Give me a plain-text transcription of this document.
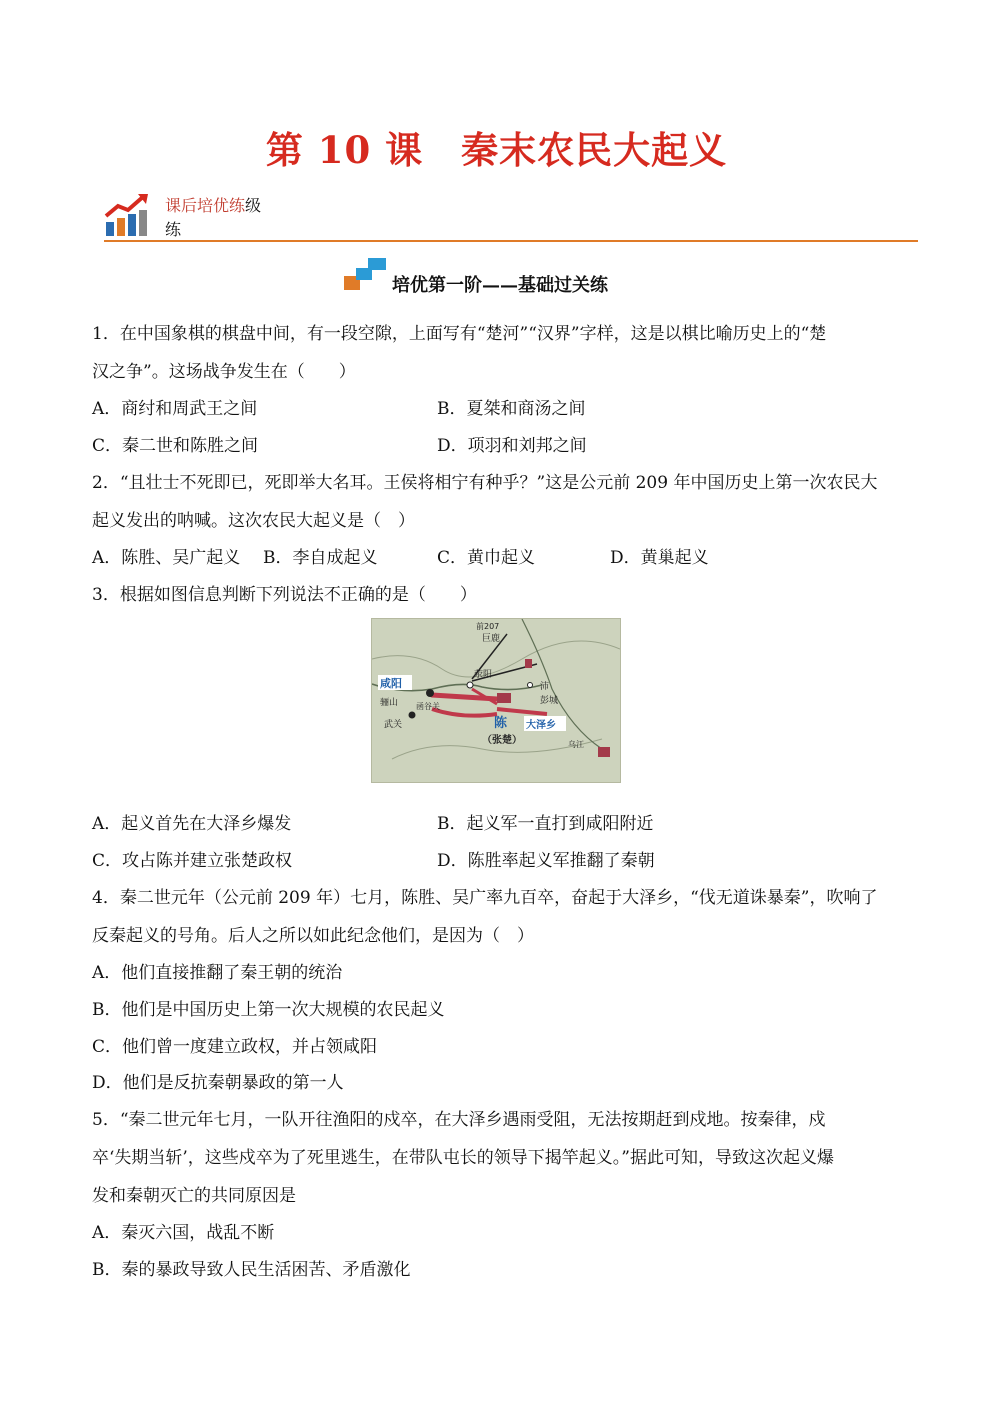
第 10 课　秦末农民大起义
课后培优练级
练
培优第一阶——基础过关练
1．在中国象棋的棋盘中间，有一段空隙，上面写有“楚河”“汉界”字样，这是以棋比喻历史上的“楚
汉之争”。这场战争发生在（　　）
A．商纣和周武王之间	B．夏桀和商汤之间
C．秦二世和陈胜之间	D．项羽和刘邦之间
2．“且壮士不死即已，死即举大名耳。王侯将相宁有种乎？”这是公元前 209 年中国历史上第一次农民大
起义发出的呐喊。这次农民大起义是（　）
A．陈胜、吴广起义 B．李自成起义	C．黄巾起义	D．黄巢起义
3．根据如图信息判断下列说法不正确的是（　　）
咸阳
骊山 函谷关
武关
荥阳
巨鹿
前207
陈
（张楚）
大泽乡
沛
彭城
乌江
A．起义首先在大泽乡爆发	B．起义军一直打到咸阳附近
C．攻占陈并建立张楚政权	D．陈胜率起义军推翻了秦朝
4．秦二世元年（公元前 209 年）七月，陈胜、吴广率九百卒，奋起于大泽乡，“伐无道诛暴秦”，吹响了
反秦起义的号角。后人之所以如此纪念他们，是因为（　）
A．他们直接推翻了秦王朝的统治
B．他们是中国历史上第一次大规模的农民起义
C．他们曾一度建立政权，并占领咸阳
D．他们是反抗秦朝暴政的第一人
5．“秦二世元年七月，一队开往渔阳的戍卒，在大泽乡遇雨受阻，无法按期赶到戍地。按秦律，戍
卒‘失期当斩’，这些戍卒为了死里逃生，在带队屯长的领导下揭竿起义。”据此可知，导致这次起义爆
发和秦朝灭亡的共同原因是
A．秦灭六国，战乱不断
B．秦的暴政导致人民生活困苦、矛盾激化
